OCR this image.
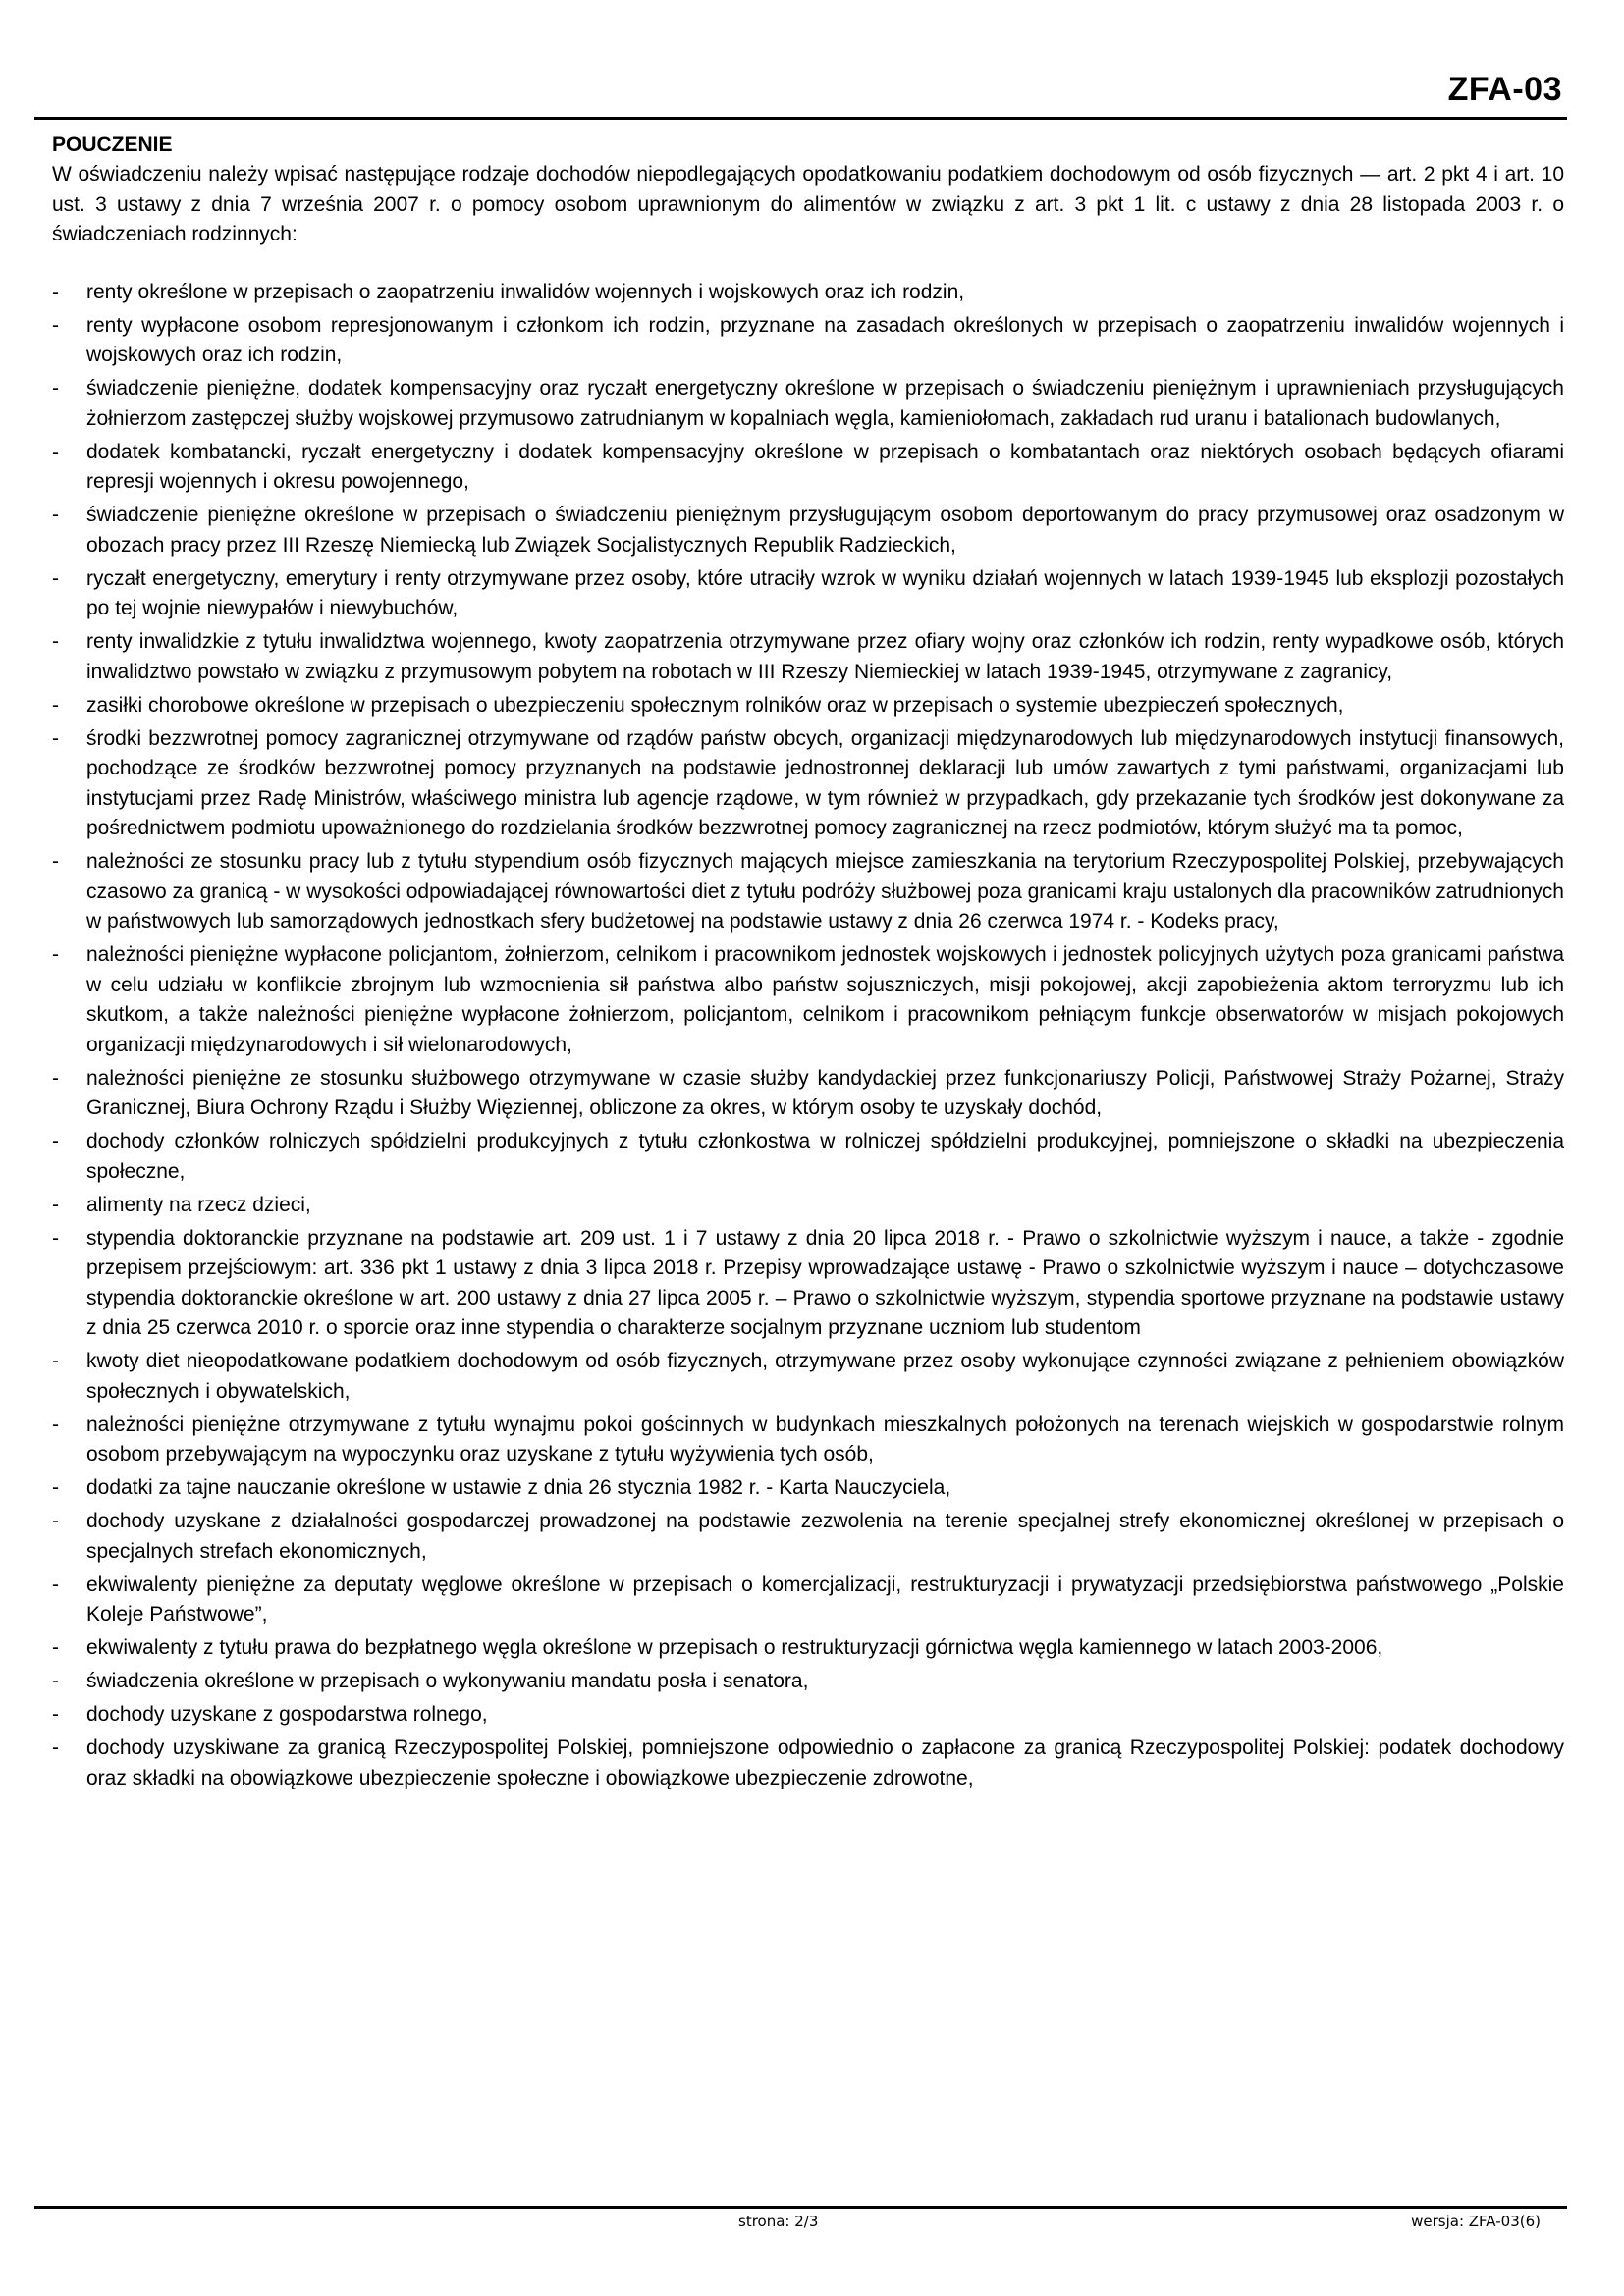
ZFA-03
POUCZENIE

W oświadczeniu należy wpisać następujące rodzaje dochodów niepodlegających opodatkowaniu podatkiem dochodowym od osób fizycznych — art. 2 pkt 4 i art. 10 ust. 3 ustawy z dnia 7 września 2007 r. o pomocy osobom uprawnionym do alimentów w związku z art. 3 pkt 1 lit. c ustawy z dnia 28 listopada 2003 r. o świadczeniach rodzinnych:

-	renty określone w przepisach o zaopatrzeniu inwalidów wojennych i wojskowych oraz ich rodzin,
-	renty wypłacone osobom represjonowanym i członkom ich rodzin, przyznane na zasadach określonych w przepisach o zaopatrzeniu inwalidów wojennych i wojskowych oraz ich rodzin,
-	świadczenie pieniężne, dodatek kompensacyjny oraz ryczałt energetyczny określone w przepisach o świadczeniu pieniężnym i uprawnieniach przysługujących żołnierzom zastępczej służby wojskowej przymusowo zatrudnianym w kopalniach węgla, kamieniołomach, zakładach rud uranu i batalionach budowlanych,
-	dodatek kombatancki, ryczałt energetyczny i dodatek kompensacyjny określone w przepisach o kombatantach oraz niektórych osobach będących ofiarami represji wojennych i okresu powojennego,
-	świadczenie pieniężne określone w przepisach o świadczeniu pieniężnym przysługującym osobom deportowanym do pracy przymusowej oraz osadzonym w obozach pracy przez III Rzeszę Niemiecką lub Związek Socjalistycznych Republik Radzieckich,
-	ryczałt energetyczny, emerytury i renty otrzymywane przez osoby, które utraciły wzrok w wyniku działań wojennych w latach 1939-1945 lub eksplozji pozostałych po tej wojnie niewypałów i niewybuchów,
-	renty inwalidzkie z tytułu inwalidztwa wojennego, kwoty zaopatrzenia otrzymywane przez ofiary wojny oraz członków ich rodzin, renty wypadkowe osób, których inwalidztwo powstało w związku z przymusowym pobytem na robotach w III Rzeszy Niemieckiej w latach 1939-1945, otrzymywane z zagranicy,
-	zasiłki chorobowe określone w przepisach o ubezpieczeniu społecznym rolników oraz w przepisach o systemie ubezpieczeń społecznych,
-	środki bezzwrotnej pomocy zagranicznej otrzymywane od rządów państw obcych, organizacji międzynarodowych lub międzynarodowych instytucji finansowych, pochodzące ze środków bezzwrotnej pomocy przyznanych na podstawie jednostronnej deklaracji lub umów zawartych z tymi państwami, organizacjami lub instytucjami przez Radę Ministrów, właściwego ministra lub agencje rządowe, w tym również w przypadkach, gdy przekazanie tych środków jest dokonywane za pośrednictwem podmiotu upoważnionego do rozdzielania środków bezzwrotnej pomocy zagranicznej na rzecz podmiotów, którym służyć ma ta pomoc,
-	należności ze stosunku pracy lub z tytułu stypendium osób fizycznych mających miejsce zamieszkania na terytorium Rzeczypospolitej Polskiej, przebywających czasowo za granicą - w wysokości odpowiadającej równowartości diet z tytułu podróży służbowej poza granicami kraju ustalonych dla pracowników zatrudnionych w państwowych lub samorządowych jednostkach sfery budżetowej na podstawie ustawy z dnia 26 czerwca 1974 r. - Kodeks pracy,
-	należności pieniężne wypłacone policjantom, żołnierzom, celnikom i pracownikom jednostek wojskowych i jednostek policyjnych użytych poza granicami państwa w celu udziału w konflikcie zbrojnym lub wzmocnienia sił państwa albo państw sojuszniczych, misji pokojowej, akcji zapobieżenia aktom terroryzmu lub ich skutkom, a także należności pieniężne wypłacone żołnierzom, policjantom, celnikom i pracownikom pełniącym funkcje obserwatorów w misjach pokojowych organizacji międzynarodowych i sił wielonarodowych,
-	należności pieniężne ze stosunku służbowego otrzymywane w czasie służby kandydackiej przez funkcjonariuszy Policji, Państwowej Straży Pożarnej, Straży Granicznej, Biura Ochrony Rządu i Służby Więziennej, obliczone za okres, w którym osoby te uzyskały dochód,
-	dochody członków rolniczych spółdzielni produkcyjnych z tytułu członkostwa w rolniczej spółdzielni produkcyjnej, pomniejszone o składki na ubezpieczenia społeczne,
-	alimenty na rzecz dzieci,
-	stypendia doktoranckie przyznane na podstawie art. 209 ust. 1 i 7 ustawy z dnia 20 lipca 2018 r. - Prawo o szkolnictwie wyższym i nauce, a także - zgodnie przepisem przejściowym: art. 336 pkt 1 ustawy z dnia 3 lipca 2018 r. Przepisy wprowadzające ustawę - Prawo o szkolnictwie wyższym i nauce – dotychczasowe stypendia doktoranckie określone w art. 200 ustawy z dnia 27 lipca 2005 r. – Prawo o szkolnictwie wyższym, stypendia sportowe przyznane na podstawie ustawy z dnia 25 czerwca 2010 r. o sporcie oraz inne stypendia o charakterze socjalnym przyznane uczniom lub studentom
-	kwoty diet nieopodatkowane podatkiem dochodowym od osób fizycznych, otrzymywane przez osoby wykonujące czynności związane z pełnieniem obowiązków społecznych i obywatelskich,
-	należności pieniężne otrzymywane z tytułu wynajmu pokoi gościnnych w budynkach mieszkalnych położonych na terenach wiejskich w gospodarstwie rolnym osobom przebywającym na wypoczynku oraz uzyskane z tytułu wyżywienia tych osób,
-	dodatki za tajne nauczanie określone w ustawie z dnia 26 stycznia 1982 r. - Karta Nauczyciela,
-	dochody uzyskane z działalności gospodarczej prowadzonej na podstawie zezwolenia na terenie specjalnej strefy ekonomicznej określonej w przepisach o specjalnych strefach ekonomicznych,
-	ekwiwalenty pieniężne za deputaty węglowe określone w przepisach o komercjalizacji, restrukturyzacji i prywatyzacji przedsiębiorstwa państwowego „Polskie Koleje Państwowe”,
-	ekwiwalenty z tytułu prawa do bezpłatnego węgla określone w przepisach o restrukturyzacji górnictwa węgla kamiennego w latach 2003-2006,
-	świadczenia określone w przepisach o wykonywaniu mandatu posła i senatora,
-	dochody uzyskane z gospodarstwa rolnego,
-	dochody uzyskiwane za granicą Rzeczypospolitej Polskiej, pomniejszone odpowiednio o zapłacone za granicą Rzeczypospolitej Polskiej: podatek dochodowy oraz składki na obowiązkowe ubezpieczenie społeczne i obowiązkowe ubezpieczenie zdrowotne,
strona: 2/3	wersja: ZFA-03(6)
